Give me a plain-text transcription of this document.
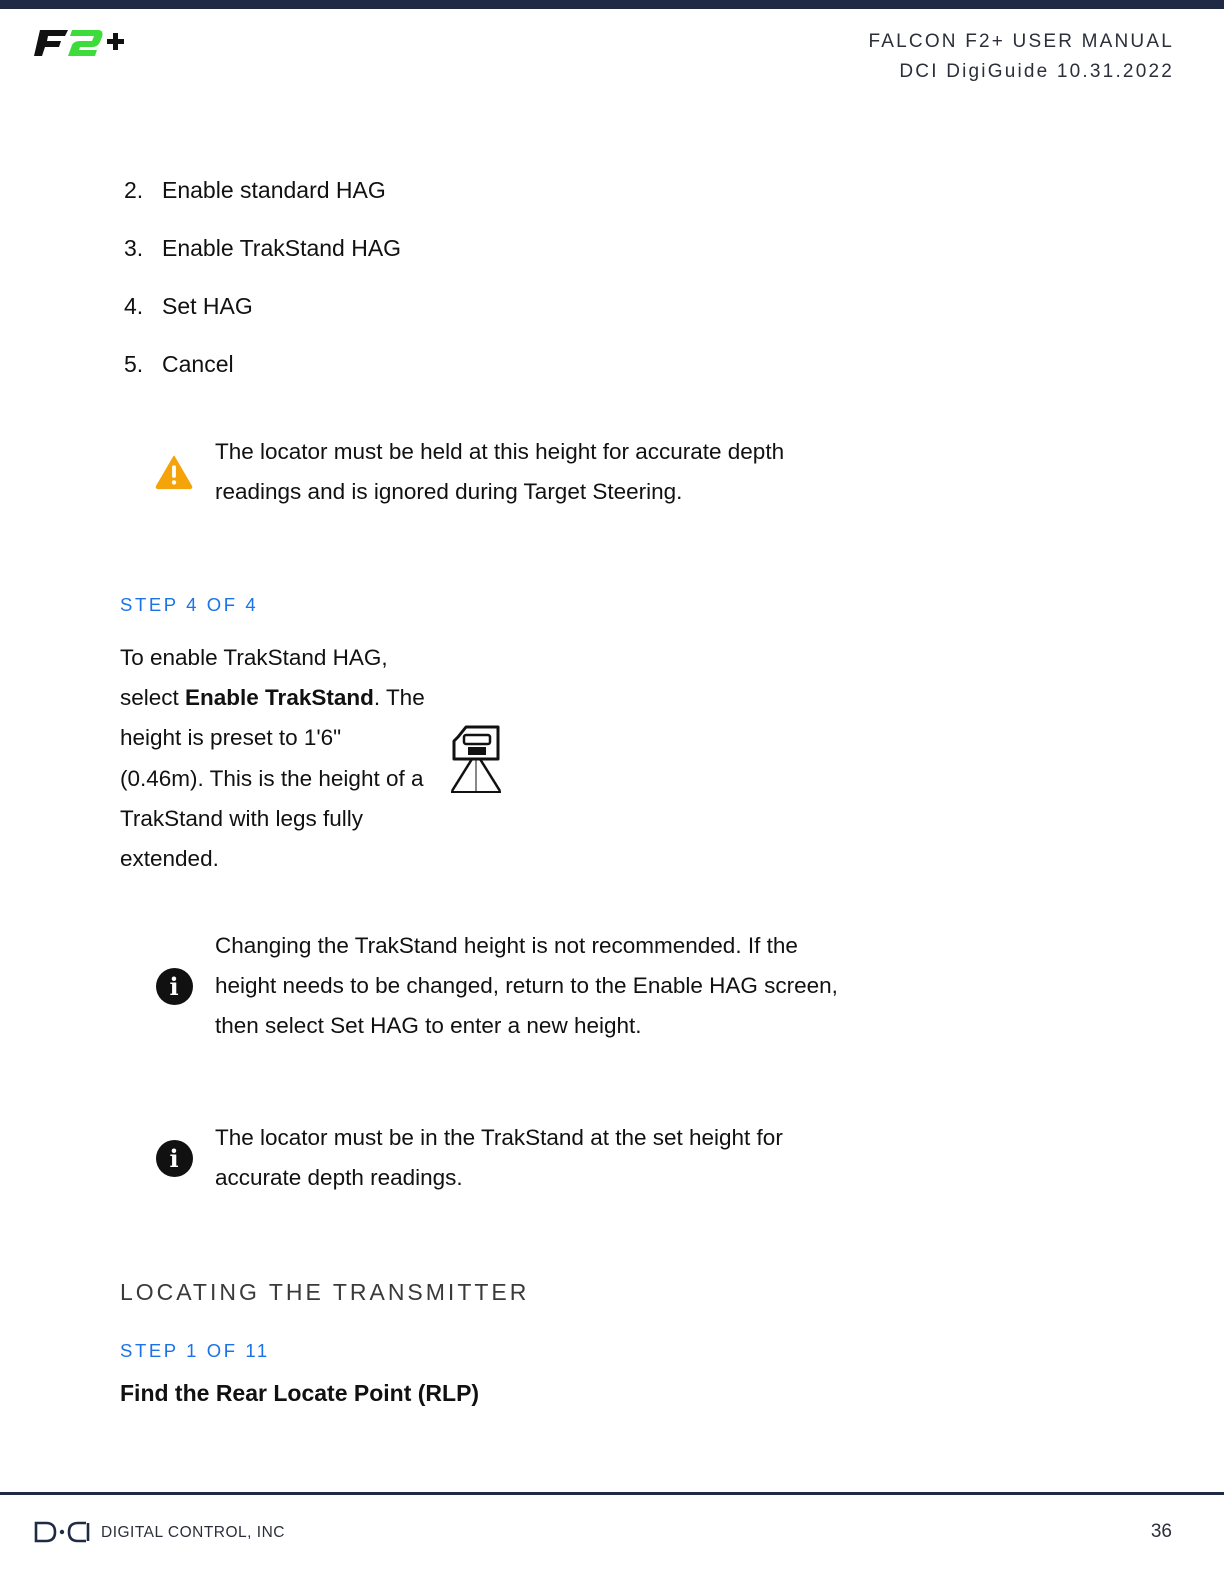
FALCON F2+ USER MANUAL
DCI DigiGuide 10.31.2022
2. Enable standard HAG
3. Enable TrakStand HAG
4. Set HAG
5. Cancel
The locator must be held at this height for accurate depth readings and is ignored during Target Steering.
STEP 4 OF 4
To enable TrakStand HAG, select Enable TrakStand. The height is preset to 1'6" (0.46m). This is the height of a TrakStand with legs fully extended.
i
Changing the TrakStand height is not recommended. If the height needs to be changed, return to the Enable HAG screen, then select Set HAG to enter a new height.
i
The locator must be in the TrakStand at the set height for accurate depth readings.
LOCATING THE TRANSMITTER
STEP 1 OF 11
Find the Rear Locate Point (RLP)
DIGITAL CONTROL, INC	36
